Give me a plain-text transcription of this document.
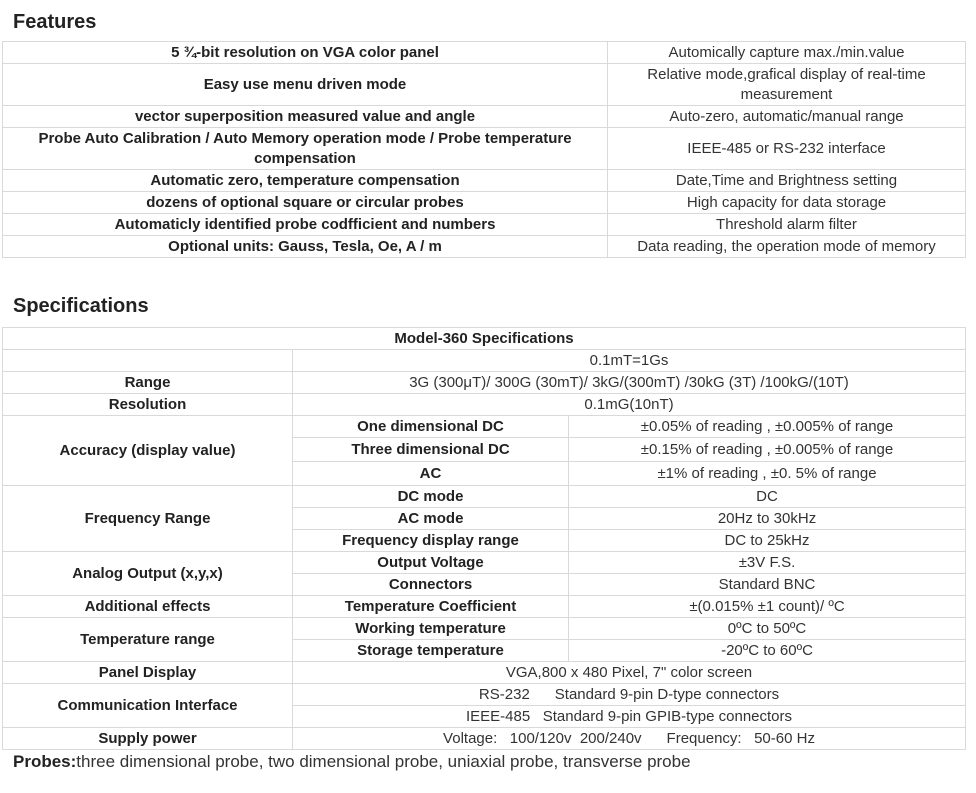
Features
5 ¾-bit resolution on VGA color panel	Automically capture max./min.value
Easy use menu driven mode	Relative mode,grafical display of real-time measurement
vector superposition measured value and angle	Auto-zero, automatic/manual range
Probe Auto Calibration / Auto Memory operation mode / Probe temperature compensation	IEEE-485 or RS-232 interface
Automatic zero, temperature compensation	Date,Time and Brightness setting
dozens of optional square or circular probes	High capacity for data storage
Automaticly identified probe codfficient and numbers	Threshold alarm filter
Optional units: Gauss, Tesla, Oe, A / m	Data reading, the operation mode of memory
Specifications
Model-360 Specifications		
	0.1mT=1Gs	
Range	3G (300μT)/ 300G (30mT)/ 3kG/(300mT) /30kG (3T) /100kG/(10T)	
Resolution	0.1mG(10nT)	
Accuracy (display value)	One dimensional DC	±0.05% of reading , ±0.005% of range
	Three dimensional DC	±0.15% of reading , ±0.005% of range
	AC	±1% of reading , ±0. 5% of range
Frequency Range	DC mode	DC
	AC mode	20Hz to 30kHz
	Frequency display range	DC to 25kHz
Analog Output (x,y,x)	Output Voltage	±3V F.S.
	Connectors	Standard BNC
Additional effects	Temperature Coefficient	±(0.015% ±1 count)/ ºC
Temperature range	Working temperature	0ºC to 50ºC
	Storage temperature	-20ºC to 60ºC
Panel Display	VGA,800 x 480 Pixel, 7" color screen	
Communication Interface	RS-232      Standard 9-pin D-type connectors	
	IEEE-485   Standard 9-pin GPIB-type connectors	
Supply power	Voltage:   100/120v  200/240v      Frequency:   50-60 Hz	
Probes:three dimensional probe, two dimensional probe, uniaxial probe, transverse probe
